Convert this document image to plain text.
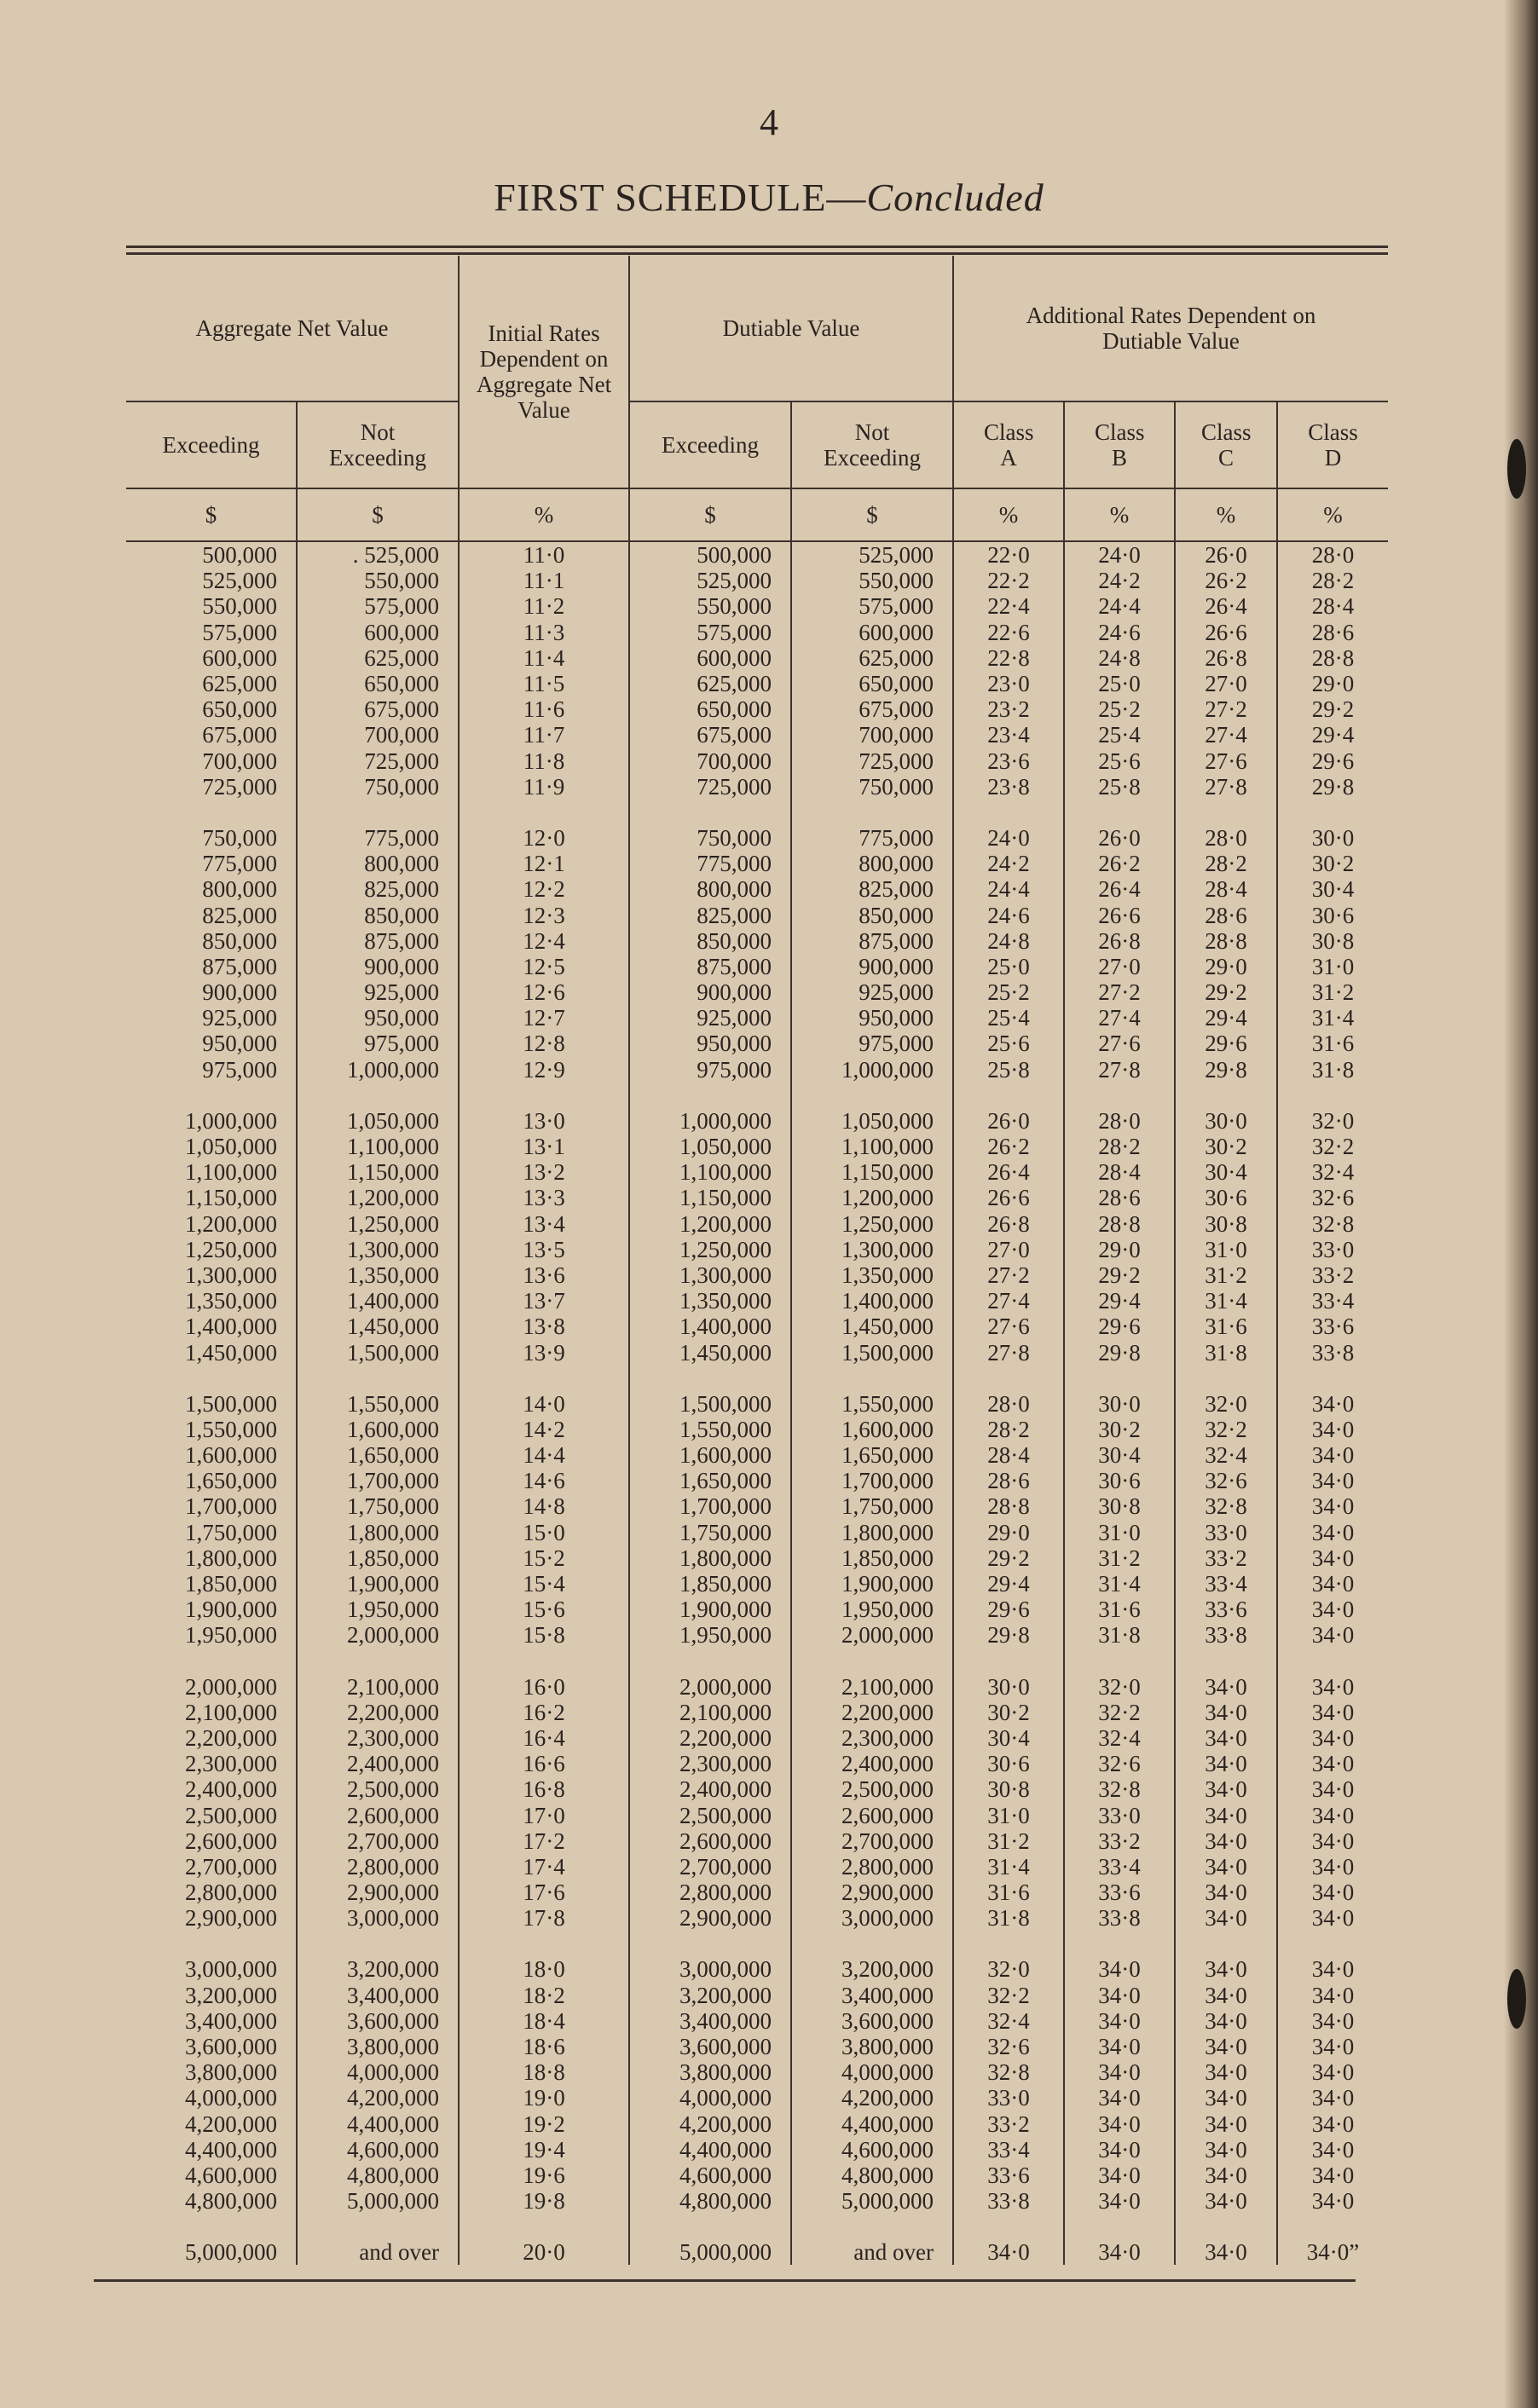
4
FIRST SCHEDULE—Concluded
Aggregate Net Value		Initial Rates Dependent on Aggregate Net Value	Dutiable Value		Additional Rates Dependent on Dutiable Value			
Exceeding	Not Exceeding		Exceeding	Not Exceeding	Class A	Class B	Class C	Class D
$	$	%	$	$	%	%	%	%
500,000	. 525,000	11·0	500,000	525,000	22·0	24·0	26·0	28·0
525,000	550,000	11·1	525,000	550,000	22·2	24·2	26·2	28·2
550,000	575,000	11·2	550,000	575,000	22·4	24·4	26·4	28·4
575,000	600,000	11·3	575,000	600,000	22·6	24·6	26·6	28·6
600,000	625,000	11·4	600,000	625,000	22·8	24·8	26·8	28·8
625,000	650,000	11·5	625,000	650,000	23·0	25·0	27·0	29·0
650,000	675,000	11·6	650,000	675,000	23·2	25·2	27·2	29·2
675,000	700,000	11·7	675,000	700,000	23·4	25·4	27·4	29·4
700,000	725,000	11·8	700,000	725,000	23·6	25·6	27·6	29·6
725,000	750,000	11·9	725,000	750,000	23·8	25·8	27·8	29·8

750,000	775,000	12·0	750,000	775,000	24·0	26·0	28·0	30·0
775,000	800,000	12·1	775,000	800,000	24·2	26·2	28·2	30·2
800,000	825,000	12·2	800,000	825,000	24·4	26·4	28·4	30·4
825,000	850,000	12·3	825,000	850,000	24·6	26·6	28·6	30·6
850,000	875,000	12·4	850,000	875,000	24·8	26·8	28·8	30·8
875,000	900,000	12·5	875,000	900,000	25·0	27·0	29·0	31·0
900,000	925,000	12·6	900,000	925,000	25·2	27·2	29·2	31·2
925,000	950,000	12·7	925,000	950,000	25·4	27·4	29·4	31·4
950,000	975,000	12·8	950,000	975,000	25·6	27·6	29·6	31·6
975,000	1,000,000	12·9	975,000	1,000,000	25·8	27·8	29·8	31·8

1,000,000	1,050,000	13·0	1,000,000	1,050,000	26·0	28·0	30·0	32·0
1,050,000	1,100,000	13·1	1,050,000	1,100,000	26·2	28·2	30·2	32·2
1,100,000	1,150,000	13·2	1,100,000	1,150,000	26·4	28·4	30·4	32·4
1,150,000	1,200,000	13·3	1,150,000	1,200,000	26·6	28·6	30·6	32·6
1,200,000	1,250,000	13·4	1,200,000	1,250,000	26·8	28·8	30·8	32·8
1,250,000	1,300,000	13·5	1,250,000	1,300,000	27·0	29·0	31·0	33·0
1,300,000	1,350,000	13·6	1,300,000	1,350,000	27·2	29·2	31·2	33·2
1,350,000	1,400,000	13·7	1,350,000	1,400,000	27·4	29·4	31·4	33·4
1,400,000	1,450,000	13·8	1,400,000	1,450,000	27·6	29·6	31·6	33·6
1,450,000	1,500,000	13·9	1,450,000	1,500,000	27·8	29·8	31·8	33·8

1,500,000	1,550,000	14·0	1,500,000	1,550,000	28·0	30·0	32·0	34·0
1,550,000	1,600,000	14·2	1,550,000	1,600,000	28·2	30·2	32·2	34·0
1,600,000	1,650,000	14·4	1,600,000	1,650,000	28·4	30·4	32·4	34·0
1,650,000	1,700,000	14·6	1,650,000	1,700,000	28·6	30·6	32·6	34·0
1,700,000	1,750,000	14·8	1,700,000	1,750,000	28·8	30·8	32·8	34·0
1,750,000	1,800,000	15·0	1,750,000	1,800,000	29·0	31·0	33·0	34·0
1,800,000	1,850,000	15·2	1,800,000	1,850,000	29·2	31·2	33·2	34·0
1,850,000	1,900,000	15·4	1,850,000	1,900,000	29·4	31·4	33·4	34·0
1,900,000	1,950,000	15·6	1,900,000	1,950,000	29·6	31·6	33·6	34·0
1,950,000	2,000,000	15·8	1,950,000	2,000,000	29·8	31·8	33·8	34·0

2,000,000	2,100,000	16·0	2,000,000	2,100,000	30·0	32·0	34·0	34·0
2,100,000	2,200,000	16·2	2,100,000	2,200,000	30·2	32·2	34·0	34·0
2,200,000	2,300,000	16·4	2,200,000	2,300,000	30·4	32·4	34·0	34·0
2,300,000	2,400,000	16·6	2,300,000	2,400,000	30·6	32·6	34·0	34·0
2,400,000	2,500,000	16·8	2,400,000	2,500,000	30·8	32·8	34·0	34·0
2,500,000	2,600,000	17·0	2,500,000	2,600,000	31·0	33·0	34·0	34·0
2,600,000	2,700,000	17·2	2,600,000	2,700,000	31·2	33·2	34·0	34·0
2,700,000	2,800,000	17·4	2,700,000	2,800,000	31·4	33·4	34·0	34·0
2,800,000	2,900,000	17·6	2,800,000	2,900,000	31·6	33·6	34·0	34·0
2,900,000	3,000,000	17·8	2,900,000	3,000,000	31·8	33·8	34·0	34·0

3,000,000	3,200,000	18·0	3,000,000	3,200,000	32·0	34·0	34·0	34·0
3,200,000	3,400,000	18·2	3,200,000	3,400,000	32·2	34·0	34·0	34·0
3,400,000	3,600,000	18·4	3,400,000	3,600,000	32·4	34·0	34·0	34·0
3,600,000	3,800,000	18·6	3,600,000	3,800,000	32·6	34·0	34·0	34·0
3,800,000	4,000,000	18·8	3,800,000	4,000,000	32·8	34·0	34·0	34·0
4,000,000	4,200,000	19·0	4,000,000	4,200,000	33·0	34·0	34·0	34·0
4,200,000	4,400,000	19·2	4,200,000	4,400,000	33·2	34·0	34·0	34·0
4,400,000	4,600,000	19·4	4,400,000	4,600,000	33·4	34·0	34·0	34·0
4,600,000	4,800,000	19·6	4,600,000	4,800,000	33·6	34·0	34·0	34·0
4,800,000	5,000,000	19·8	4,800,000	5,000,000	33·8	34·0	34·0	34·0

5,000,000	and over	20·0	5,000,000	and over	34·0	34·0	34·0	34·0”
